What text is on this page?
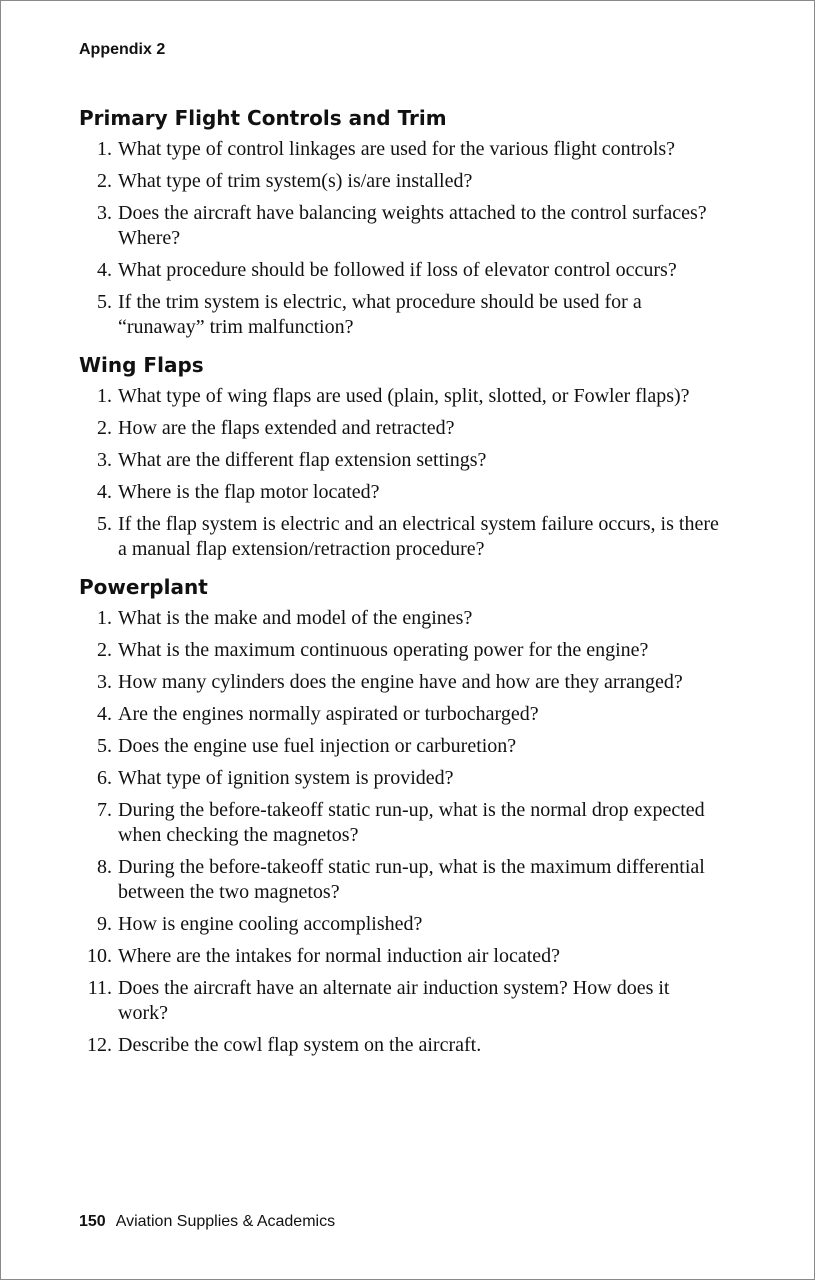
Appendix 2
Primary Flight Controls and Trim
1. What type of control linkages are used for the various flight controls?
2. What type of trim system(s) is/are installed?
3. Does the aircraft have balancing weights attached to the control surfaces? Where?
4. What procedure should be followed if loss of elevator control occurs?
5. If the trim system is electric, what procedure should be used for a “runaway” trim malfunction?
Wing Flaps
1. What type of wing flaps are used (plain, split, slotted, or Fowler flaps)?
2. How are the flaps extended and retracted?
3. What are the different flap extension settings?
4. Where is the flap motor located?
5. If the flap system is electric and an electrical system failure occurs, is there a manual flap extension/retraction procedure?
Powerplant
1. What is the make and model of the engines?
2. What is the maximum continuous operating power for the engine?
3. How many cylinders does the engine have and how are they arranged?
4. Are the engines normally aspirated or turbocharged?
5. Does the engine use fuel injection or carburetion?
6. What type of ignition system is provided?
7. During the before-takeoff static run-up, what is the normal drop expected when checking the magnetos?
8. During the before-takeoff static run-up, what is the maximum differential between the two magnetos?
9. How is engine cooling accomplished?
10. Where are the intakes for normal induction air located?
11. Does the aircraft have an alternate air induction system? How does it work?
12. Describe the cowl flap system on the aircraft.
150 Aviation Supplies & Academics
